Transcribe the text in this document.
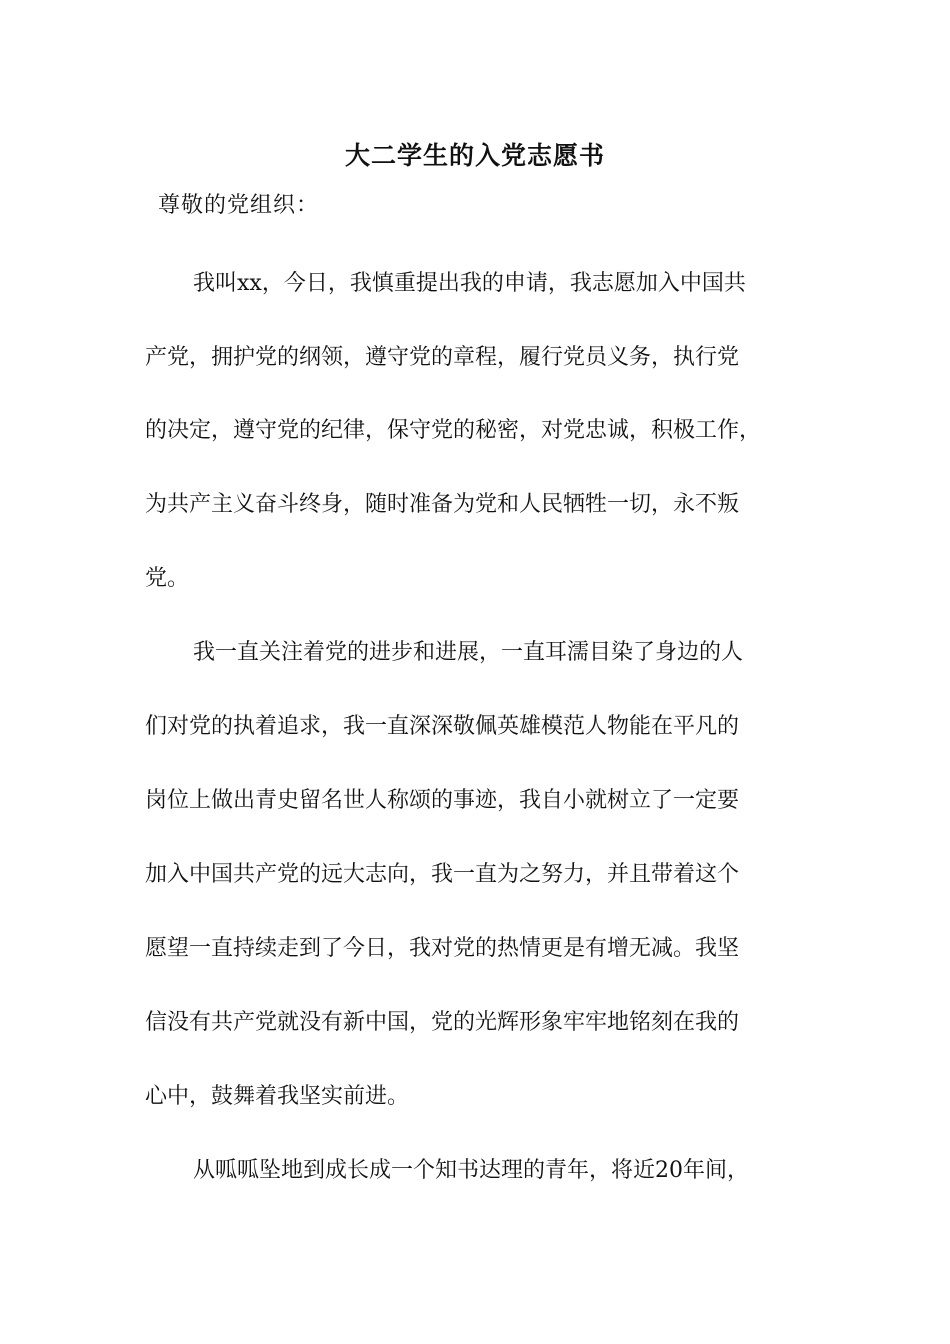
大二学生的入党志愿书
尊敬的党组织：
我叫xx，今日，我慎重提出我的申请，我志愿加入中国共
产党，拥护党的纲领，遵守党的章程，履行党员义务，执行党
的决定，遵守党的纪律，保守党的秘密，对党忠诚，积极工作，
为共产主义奋斗终身，随时准备为党和人民牺牲一切，永不叛
党。
我一直关注着党的进步和进展，一直耳濡目染了身边的人
们对党的执着追求，我一直深深敬佩英雄模范人物能在平凡的
岗位上做出青史留名世人称颂的事迹，我自小就树立了一定要
加入中国共产党的远大志向，我一直为之努力，并且带着这个
愿望一直持续走到了今日，我对党的热情更是有增无减。我坚
信没有共产党就没有新中国，党的光辉形象牢牢地铭刻在我的
心中，鼓舞着我坚实前进。
从呱呱坠地到成长成一个知书达理的青年，将近20年间，
